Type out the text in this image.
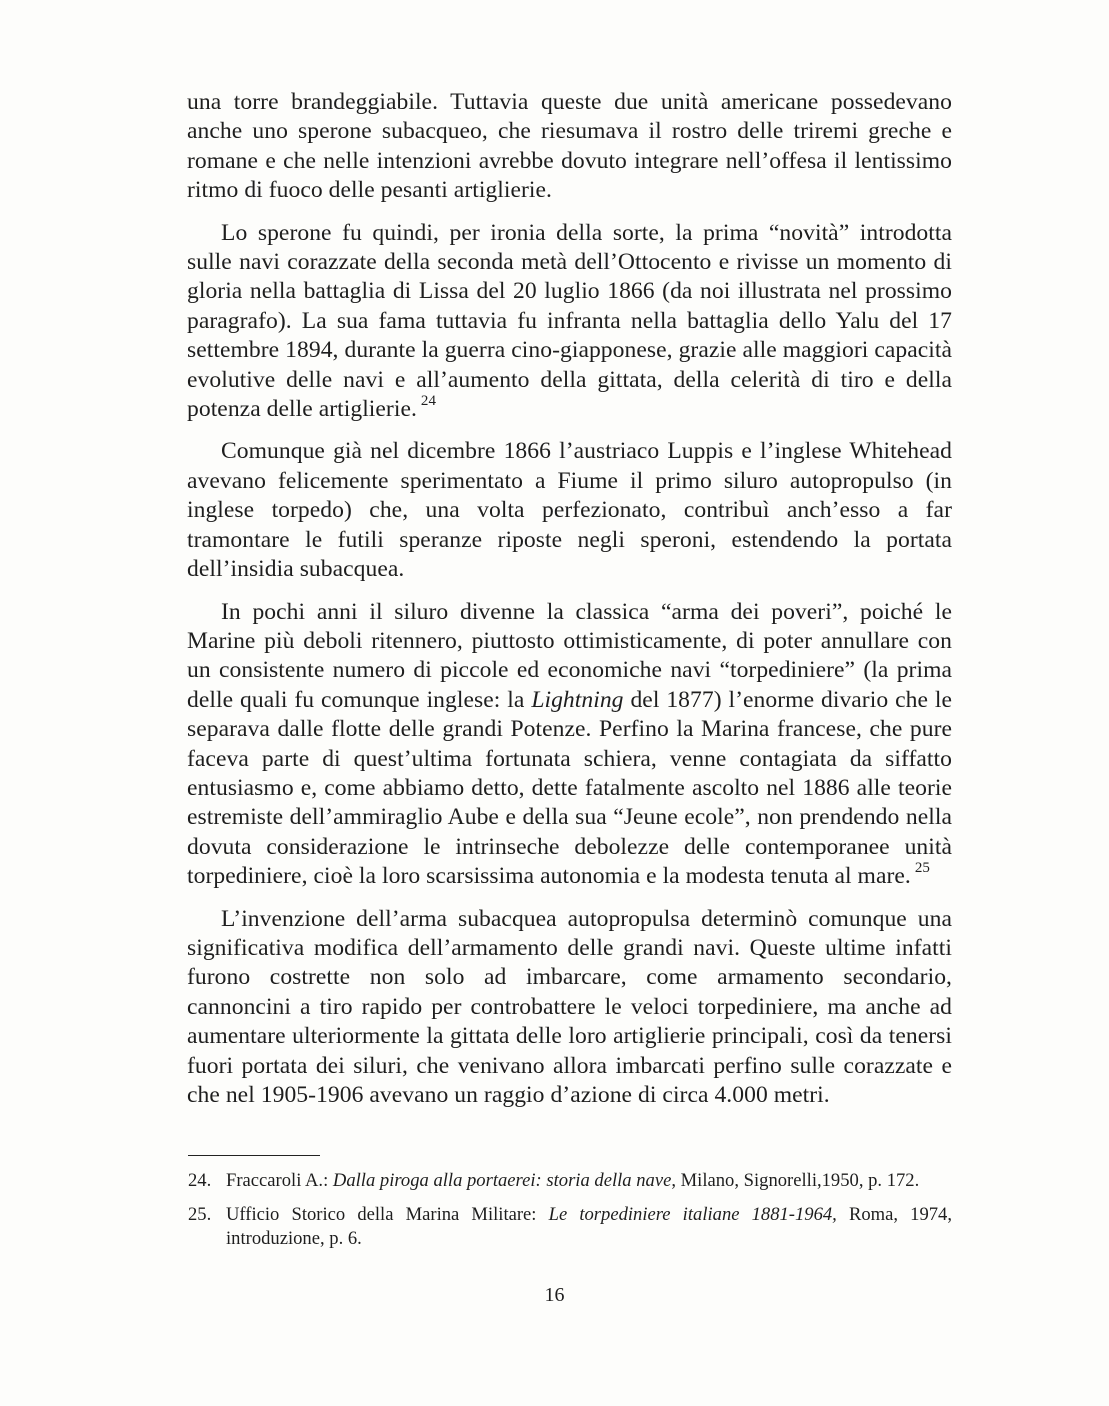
una torre brandeggiabile. Tuttavia queste due unità americane possedevano anche uno sperone subacqueo, che riesumava il rostro delle triremi greche e romane e che nelle intenzioni avrebbe dovuto integrare nell’offesa il lentissimo ritmo di fuoco delle pesanti artiglierie.

Lo sperone fu quindi, per ironia della sorte, la prima “novità” introdotta sulle navi corazzate della seconda metà dell’Ottocento e rivisse un momento di gloria nella battaglia di Lissa del 20 luglio 1866 (da noi illustrata nel prossimo paragrafo). La sua fama tuttavia fu infranta nella battaglia dello Yalu del 17 settembre 1894, durante la guerra cino-giapponese, grazie alle maggiori capacità evolutive delle navi e all’aumento della gittata, della celerità di tiro e della potenza delle artiglierie. $^{24}$

Comunque già nel dicembre 1866 l’austriaco Luppis e l’inglese Whitehead avevano felicemente sperimentato a Fiume il primo siluro autopropulso (in inglese torpedo) che, una volta perfezionato, contribuì anch’esso a far tramontare le futili speranze riposte negli speroni, estendendo la portata dell’insidia subacquea.

In pochi anni il siluro divenne la classica “arma dei poveri”, poiché le Marine più deboli ritennero, piuttosto ottimisticamente, di poter annullare con un consistente numero di piccole ed economiche navi “torpediniere” (la prima delle quali fu comunque inglese: la Lightning del 1877) l’enorme divario che le separava dalle flotte delle grandi Potenze. Perfino la Marina francese, che pure faceva parte di quest’ultima fortunata schiera, venne contagiata da siffatto entusiasmo e, come abbiamo detto, dette fatalmente ascolto nel 1886 alle teorie estremiste dell’ammiraglio Aube e della sua “Jeune ecole”, non prendendo nella dovuta considerazione le intrinseche debolezze delle contemporanee unità torpediniere, cioè la loro scarsissima autonomia e la modesta tenuta al mare. $^{25}$

L’invenzione dell’arma subacquea autopropulsa determinò comunque una significativa modifica dell’armamento delle grandi navi. Queste ultime infatti furono costrette non solo ad imbarcare, come armamento secondario, cannoncini a tiro rapido per controbattere le veloci torpediniere, ma anche ad aumentare ulteriormente la gittata delle loro artiglierie principali, così da tenersi fuori portata dei siluri, che venivano allora imbarcati perfino sulle corazzate e che nel 1905-1906 avevano un raggio d’azione di circa 4.000 metri.

24. Fraccaroli A.: Dalla piroga alla portaerei: storia della nave, Milano, Signorelli,1950, p. 172.
25. Ufficio Storico della Marina Militare: Le torpediniere italiane 1881-1964, Roma, 1974, introduzione, p. 6.
16
